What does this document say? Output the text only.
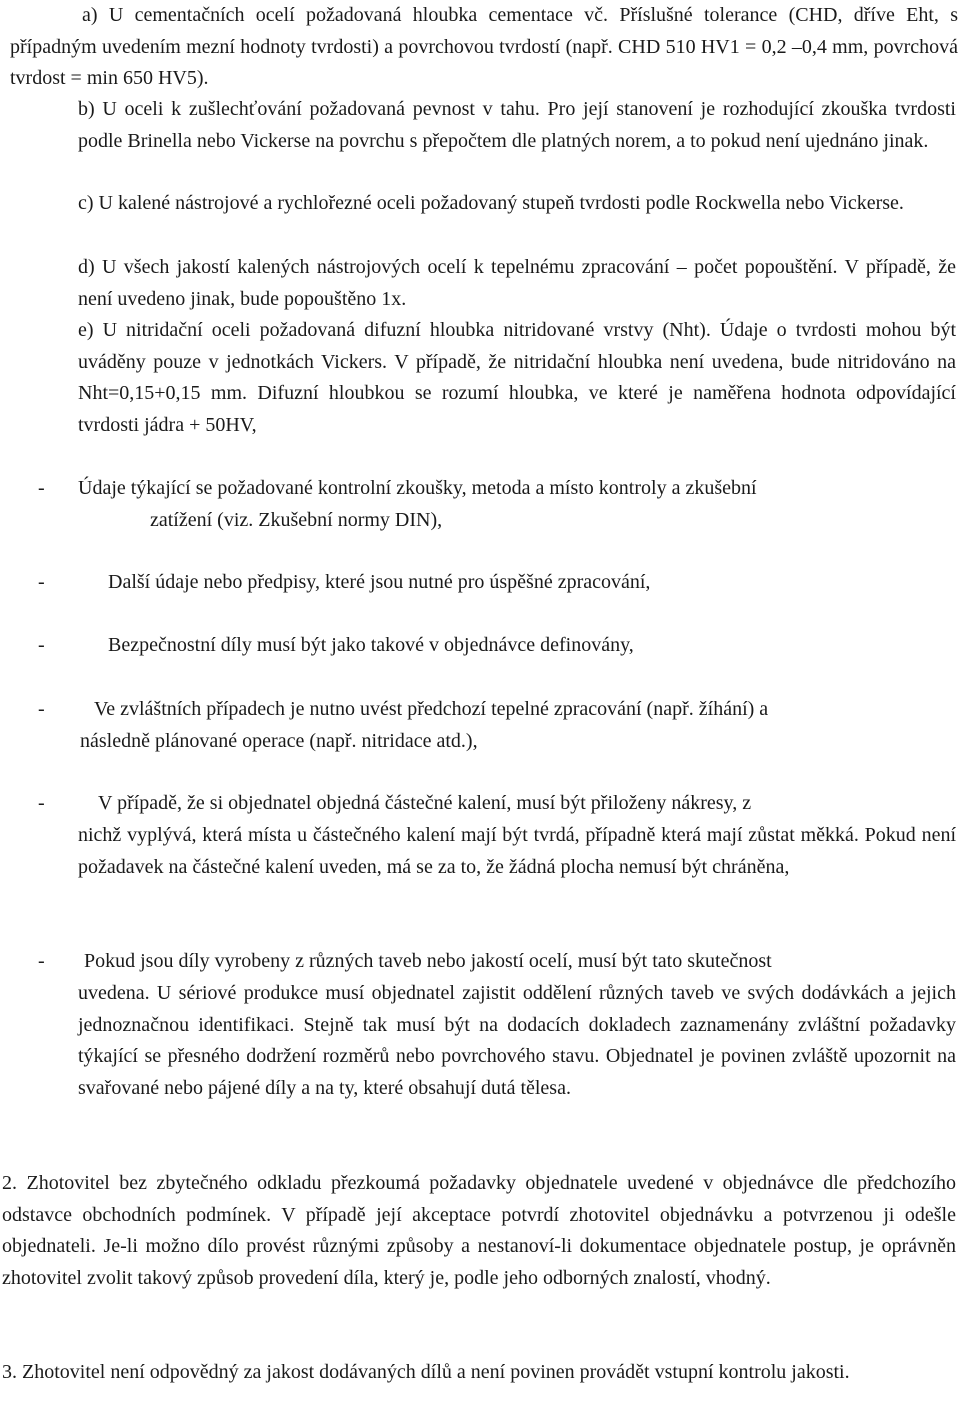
a) U cementačních ocelí požadovaná hloubka cementace vč. Příslušné tolerance (CHD, dříve Eht, s případným uvedením mezní hodnoty tvrdosti) a povrchovou tvrdostí (např. CHD 510 HV1 = 0,2 –0,4 mm, povrchová tvrdost = min 650 HV5).

b) U oceli k zušlechťování požadovaná pevnost v tahu. Pro její stanovení je rozhodující zkouška tvrdosti podle Brinella nebo Vickerse na povrchu s přepočtem dle platných norem, a to pokud není ujednáno jinak.

c) U kalené nástrojové a rychlořezné oceli požadovaný stupeň tvrdosti podle Rockwella nebo Vickerse.

d) U všech jakostí kalených nástrojových ocelí k tepelnému zpracování – počet popouštění. V případě, že není uvedeno jinak, bude popouštěno 1x.

e) U nitridační oceli požadovaná difuzní hloubka nitridované vrstvy (Nht). Údaje o tvrdosti mohou být uváděny pouze v jednotkách Vickers. V případě, že nitridační hloubka není uvedena, bude nitridováno na Nht=0,15+0,15 mm. Difuzní hloubkou se rozumí hloubka, ve které je naměřena hodnota odpovídající tvrdosti jádra + 50HV,

- Údaje týkající se požadované kontrolní zkoušky, metoda a místo kontroly a zkušební

zatížení (viz. Zkušební normy DIN),

-	Další údaje nebo předpisy, které jsou nutné pro úspěšné zpracování,

-	Bezpečnostní díly musí být jako takové v objednávce definovány,

- Ve zvláštních případech je nutno uvést předchozí tepelné zpracování (např. žíhání) a

následně plánované operace (např. nitridace atd.),

-	V případě, že si objednatel objedná částečné kalení, musí být přiloženy nákresy, z

nichž vyplývá, která místa u částečného kalení mají být tvrdá, případně která mají zůstat měkká. Pokud není požadavek na částečné kalení uveden, má se za to, že žádná plocha nemusí být chráněna,

- Pokud jsou díly vyrobeny z různých taveb nebo jakostí ocelí, musí být tato skutečnost

uvedena. U sériové produkce musí objednatel zajistit oddělení různých taveb ve svých dodávkách a jejich jednoznačnou identifikaci. Stejně tak musí být na dodacích dokladech zaznamenány zvláštní požadavky týkající se přesného dodržení rozměrů nebo povrchového stavu. Objednatel je povinen zvláště upozornit na svařované nebo pájené díly a na ty, které obsahují dutá tělesa.

2. Zhotovitel bez zbytečného odkladu přezkoumá požadavky objednatele uvedené v objednávce dle předchozího odstavce obchodních podmínek. V případě její akceptace potvrdí zhotovitel objednávku a potvrzenou ji odešle objednateli. Je-li možno dílo provést různými způsoby a nestanoví-li dokumentace objednatele postup, je oprávněn zhotovitel zvolit takový způsob provedení díla, který je, podle jeho odborných znalostí, vhodný.

3. Zhotovitel není odpovědný za jakost dodávaných dílů a není povinen provádět vstupní kontrolu jakosti.
